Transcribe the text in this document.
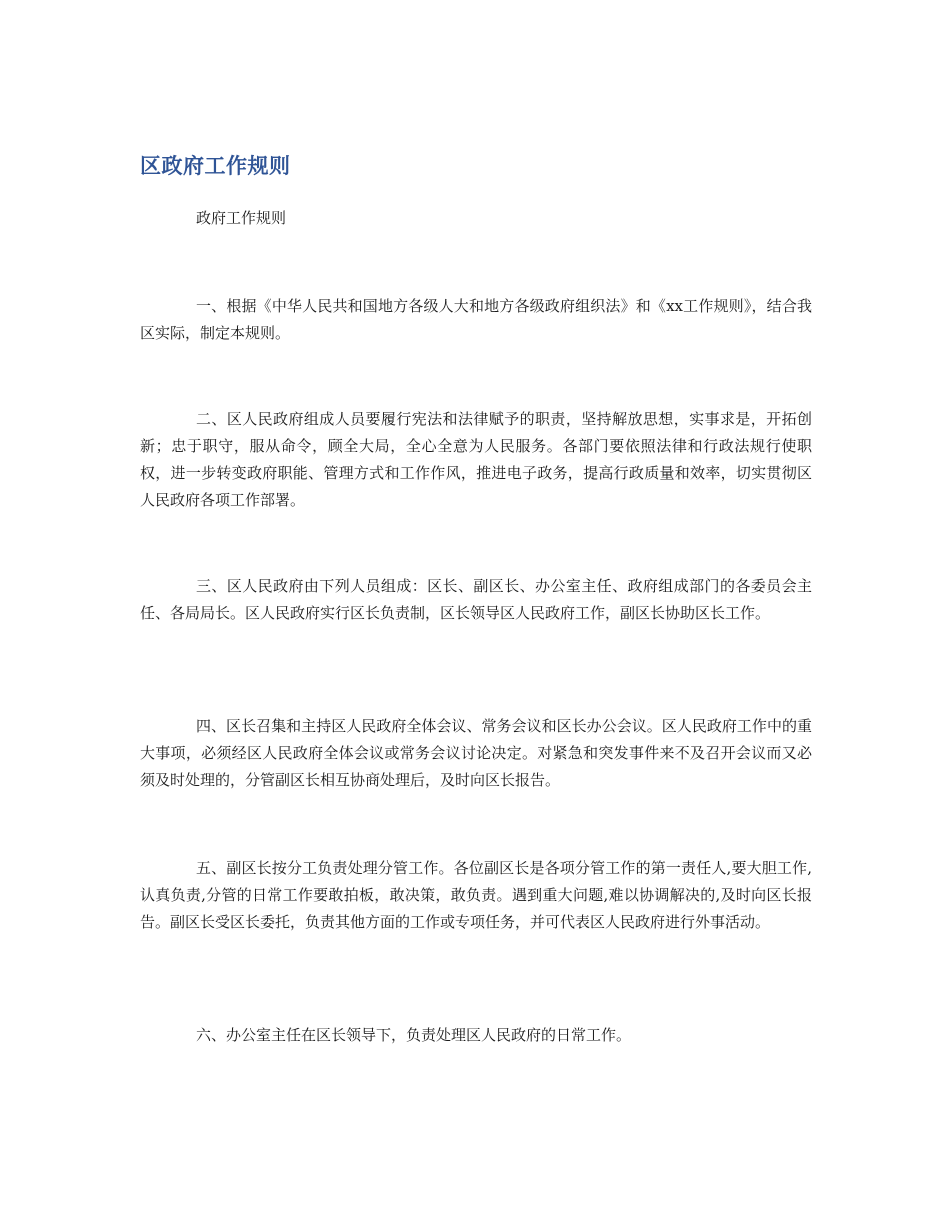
区政府工作规则

政府工作规则

一、根据《中华人民共和国地方各级人大和地方各级政府组织法》和《xx工作规则》，结合我区实际，制定本规则。

二、区人民政府组成人员要履行宪法和法律赋予的职责，坚持解放思想，实事求是，开拓创新；忠于职守，服从命令，顾全大局，全心全意为人民服务。各部门要依照法律和行政法规行使职权，进一步转变政府职能、管理方式和工作作风，推进电子政务，提高行政质量和效率，切实贯彻区人民政府各项工作部署。

三、区人民政府由下列人员组成：区长、副区长、办公室主任、政府组成部门的各委员会主任、各局局长。区人民政府实行区长负责制，区长领导区人民政府工作，副区长协助区长工作。

四、区长召集和主持区人民政府全体会议、常务会议和区长办公会议。区人民政府工作中的重大事项，必须经区人民政府全体会议或常务会议讨论决定。对紧急和突发事件来不及召开会议而又必须及时处理的，分管副区长相互协商处理后，及时向区长报告。

五、副区长按分工负责处理分管工作。各位副区长是各项分管工作的第一责任人,要大胆工作,认真负责,分管的日常工作要敢拍板，敢决策，敢负责。遇到重大问题,难以协调解决的,及时向区长报告。副区长受区长委托，负责其他方面的工作或专项任务，并可代表区人民政府进行外事活动。

六、办公室主任在区长领导下，负责处理区人民政府的日常工作。
